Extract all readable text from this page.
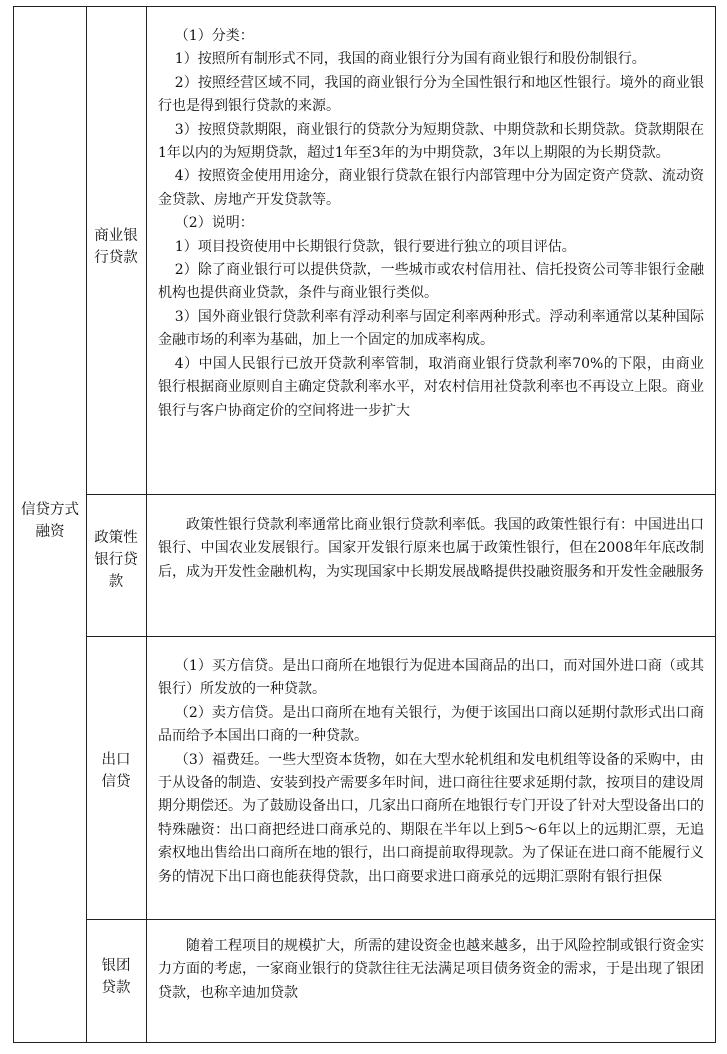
信贷方式融资
商业银行贷款

（1）分类：

1）按照所有制形式不同，我国的商业银行分为国有商业银行和股份制银行。

2）按照经营区域不同，我国的商业银行分为全国性银行和地区性银行。境外的商业银行也是得到银行贷款的来源。

3）按照贷款期限，商业银行的贷款分为短期贷款、中期贷款和长期贷款。贷款期限在1年以内的为短期贷款，超过1年至3年的为中期贷款，3年以上期限的为长期贷款。

4）按照资金使用用途分，商业银行贷款在银行内部管理中分为固定资产贷款、流动资金贷款、房地产开发贷款等。

（2）说明：

1）项目投资使用中长期银行贷款，银行要进行独立的项目评估。

2）除了商业银行可以提供贷款，一些城市或农村信用社、信托投资公司等非银行金融机构也提供商业贷款，条件与商业银行类似。

3）国外商业银行贷款利率有浮动利率与固定利率两种形式。浮动利率通常以某种国际金融市场的利率为基础，加上一个固定的加成率构成。

4）中国人民银行已放开贷款利率管制，取消商业银行贷款利率70%的下限，由商业银行根据商业原则自主确定贷款利率水平，对农村信用社贷款利率也不再设立上限。商业银行与客户协商定价的空间将进一步扩大

政策性银行贷款

政策性银行贷款利率通常比商业银行贷款利率低。我国的政策性银行有：中国进出口银行、中国农业发展银行。国家开发银行原来也属于政策性银行，但在2008年年底改制后，成为开发性金融机构，为实现国家中长期发展战略提供投融资服务和开发性金融服务

出口信贷

（1）买方信贷。是出口商所在地银行为促进本国商品的出口，而对国外进口商（或其银行）所发放的一种贷款。

（2）卖方信贷。是出口商所在地有关银行，为便于该国出口商以延期付款形式出口商品而给予本国出口商的一种贷款。

（3）福费廷。一些大型资本货物，如在大型水轮机组和发电机组等设备的采购中，由于从设备的制造、安装到投产需要多年时间，进口商往往要求延期付款，按项目的建设周期分期偿还。为了鼓励设备出口，几家出口商所在地银行专门开设了针对大型设备出口的特殊融资：出口商把经进口商承兑的、期限在半年以上到5～6年以上的远期汇票，无追索权地出售给出口商所在地的银行，出口商提前取得现款。为了保证在进口商不能履行义务的情况下出口商也能获得贷款，出口商要求进口商承兑的远期汇票附有银行担保

银团贷款

随着工程项目的规模扩大，所需的建设资金也越来越多，出于风险控制或银行资金实力方面的考虑，一家商业银行的贷款往往无法满足项目债务资金的需求，于是出现了银团贷款，也称辛迪加贷款
